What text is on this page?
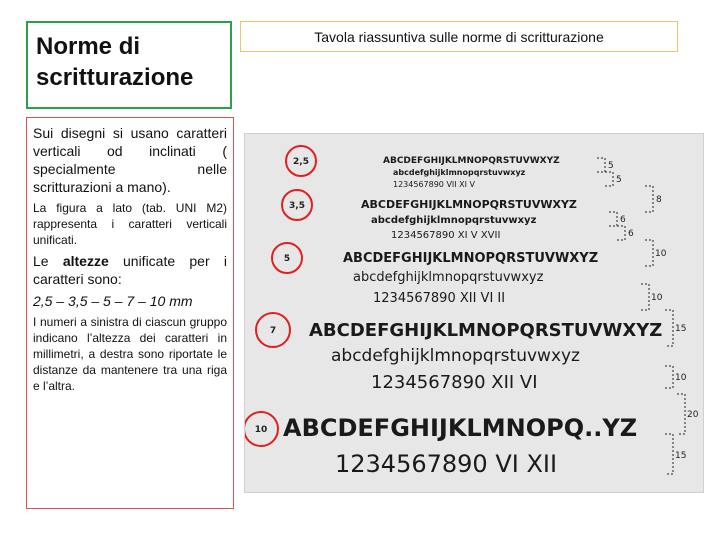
Norme di scritturazione
Tavola riassuntiva sulle norme di scritturazione

Sui disegni si usano caratteri verticali od inclinati ( specialmente nelle scritturazioni a mano).

La figura a lato (tab. UNI M2) rappresenta i caratteri verticali unificati.

Le altezze unificate per i caratteri sono:

2,5 – 3,5 – 5 – 7 – 10 mm

I numeri a sinistra di ciascun gruppo indicano l’altezza dei caratteri in millimetri, a destra sono riportate le distanze da mantenere tra una riga e l’altra.

2,5
3,5
5
7
10
ABCDEFGHIJKLMNOPQRSTUVWXYZ
abcdefghijklmnopqrstuvwxyz
1234567890 VII XI V
ABCDEFGHIJKLMNOPQRSTUVWXYZ
abcdefghijklmnopqrstuvwxyz
1234567890 XI V XVII
ABCDEFGHIJKLMNOPQRSTUVWXYZ
abcdefghijklmnopqrstuvwxyz
1234567890 XII VI II
ABCDEFGHIJKLMNOPQRSTUVWXYZ
abcdefghijklmnopqrstuvwxyz
1234567890 XII VI
ABCDEFGHIJKLMNOPQ..YZ
1234567890 VI XII
5
5
8
6
6
10
10
15
10
20
15
